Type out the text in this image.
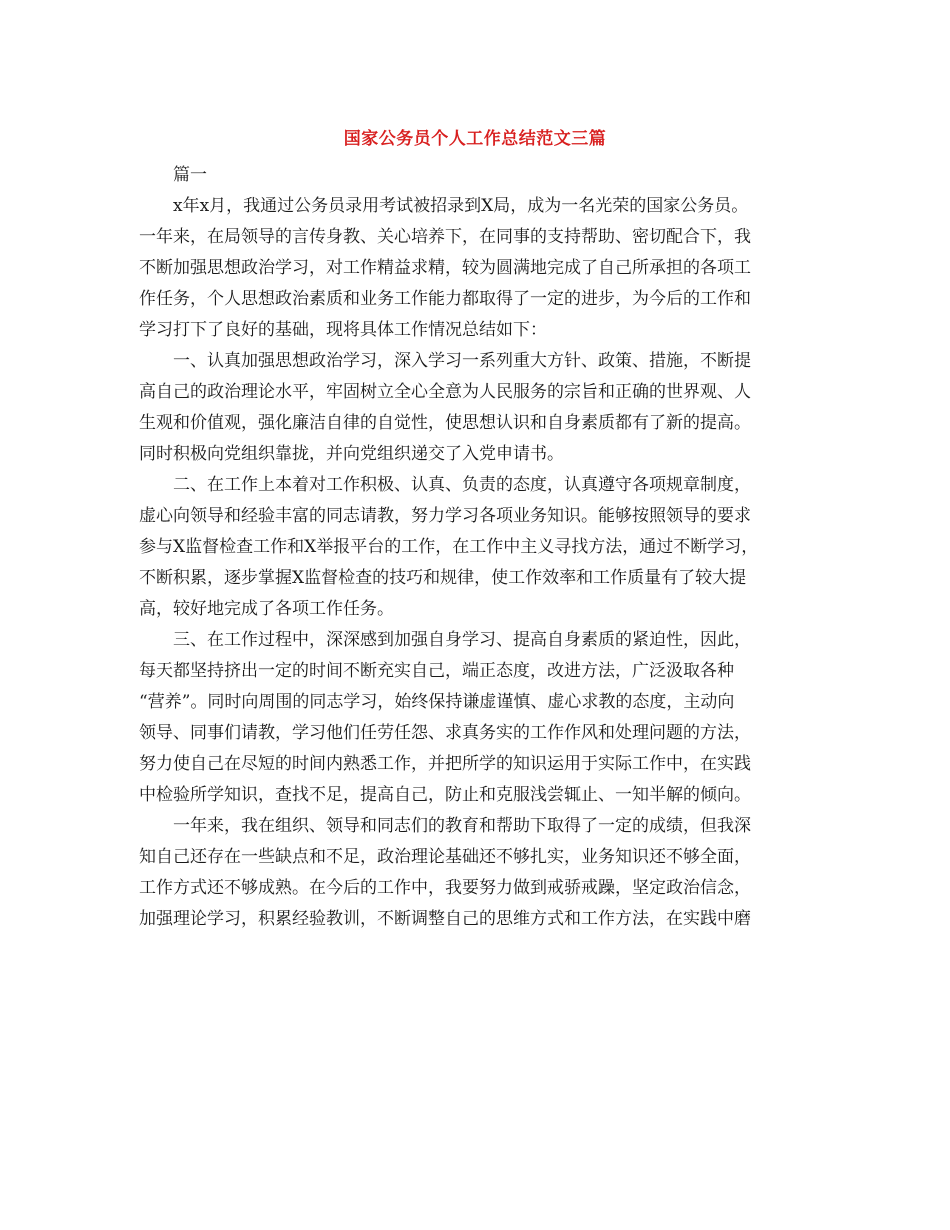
国家公务员个人工作总结范文三篇
篇一
x年x月，我通过公务员录用考试被招录到X局，成为一名光荣的国家公务员。
一年来，在局领导的言传身教、关心培养下，在同事的支持帮助、密切配合下，我
不断加强思想政治学习，对工作精益求精，较为圆满地完成了自己所承担的各项工
作任务，个人思想政治素质和业务工作能力都取得了一定的进步，为今后的工作和
学习打下了良好的基础，现将具体工作情况总结如下：
一、认真加强思想政治学习，深入学习一系列重大方针、政策、措施，不断提
高自己的政治理论水平，牢固树立全心全意为人民服务的宗旨和正确的世界观、人
生观和价值观，强化廉洁自律的自觉性，使思想认识和自身素质都有了新的提高。
同时积极向党组织靠拢，并向党组织递交了入党申请书。
二、在工作上本着对工作积极、认真、负责的态度，认真遵守各项规章制度，
虚心向领导和经验丰富的同志请教，努力学习各项业务知识。能够按照领导的要求
参与X监督检查工作和X举报平台的工作，在工作中主义寻找方法，通过不断学习，
不断积累，逐步掌握X监督检查的技巧和规律，使工作效率和工作质量有了较大提
高，较好地完成了各项工作任务。
三、在工作过程中，深深感到加强自身学习、提高自身素质的紧迫性，因此，
每天都坚持挤出一定的时间不断充实自己，端正态度，改进方法，广泛汲取各种
“营养”。同时向周围的同志学习，始终保持谦虚谨慎、虚心求教的态度，主动向
领导、同事们请教，学习他们任劳任怨、求真务实的工作作风和处理问题的方法，
努力使自己在尽短的时间内熟悉工作，并把所学的知识运用于实际工作中，在实践
中检验所学知识，查找不足，提高自己，防止和克服浅尝辄止、一知半解的倾向。
一年来，我在组织、领导和同志们的教育和帮助下取得了一定的成绩，但我深
知自己还存在一些缺点和不足，政治理论基础还不够扎实，业务知识还不够全面，
工作方式还不够成熟。在今后的工作中，我要努力做到戒骄戒躁，坚定政治信念，
加强理论学习，积累经验教训，不断调整自己的思维方式和工作方法，在实践中磨
